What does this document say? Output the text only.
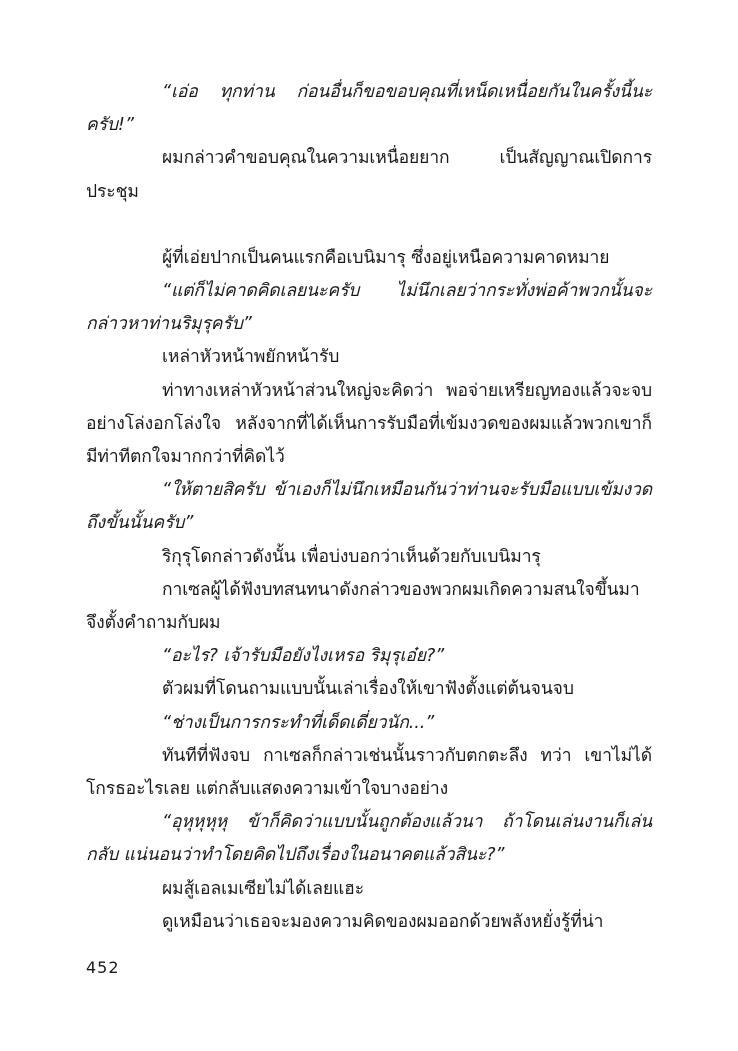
“เอ่อ ทุกท่าน ก่อนอื่นก็ขอขอบคุณที่เหน็ดเหนื่อยกันในครั้งนี้นะครับ!”

ผมกล่าวคำขอบคุณในความเหนื่อยยาก เป็นสัญญาณเปิดการประชุม

ผู้ที่เอ่ยปากเป็นคนแรกคือเบนิมารุ ซึ่งอยู่เหนือความคาดหมาย

“แต่ก็ไม่คาดคิดเลยนะครับ ไม่นึกเลยว่ากระทั่งพ่อค้าพวกนั้นจะกล่าวหาท่านริมุรุครับ”

เหล่าหัวหน้าพยักหน้ารับ

ท่าทางเหล่าหัวหน้าส่วนใหญ่จะคิดว่า พอจ่ายเหรียญทองแล้วจะจบอย่างโล่งอกโล่งใจ หลังจากที่ได้เห็นการรับมือที่เข้มงวดของผมแล้วพวกเขาก็มีท่าทีตกใจมากกว่าที่คิดไว้

“ให้ตายสิครับ ข้าเองก็ไม่นึกเหมือนกันว่าท่านจะรับมือแบบเข้มงวดถึงขั้นนั้นครับ”

ริกุรุโดกล่าวดังนั้น เพื่อบ่งบอกว่าเห็นด้วยกับเบนิมารุ

กาเซลผู้ได้ฟังบทสนทนาดังกล่าวของพวกผมเกิดความสนใจขึ้นมาจึงตั้งคำถามกับผม

“อะไร? เจ้ารับมือยังไงเหรอ ริมุรุเอ๋ย?”

ตัวผมที่โดนถามแบบนั้นเล่าเรื่องให้เขาฟังตั้งแต่ต้นจนจบ

“ช่างเป็นการกระทำที่เด็ดเดี่ยวนัก...”

ทันทีที่ฟังจบ กาเซลก็กล่าวเช่นนั้นราวกับตกตะลึง ทว่า เขาไม่ได้โกรธอะไรเลย แต่กลับแสดงความเข้าใจบางอย่าง

“อุหุหุหุหุ ข้าก็คิดว่าแบบนั้นถูกต้องแล้วนา ถ้าโดนเล่นงานก็เล่นกลับ แน่นอนว่าทำโดยคิดไปถึงเรื่องในอนาคตแล้วสินะ?”

ผมสู้เอลเมเซียไม่ได้เลยแฮะ

ดูเหมือนว่าเธอจะมองความคิดของผมออกด้วยพลังหยั่งรู้ที่น่า

452
